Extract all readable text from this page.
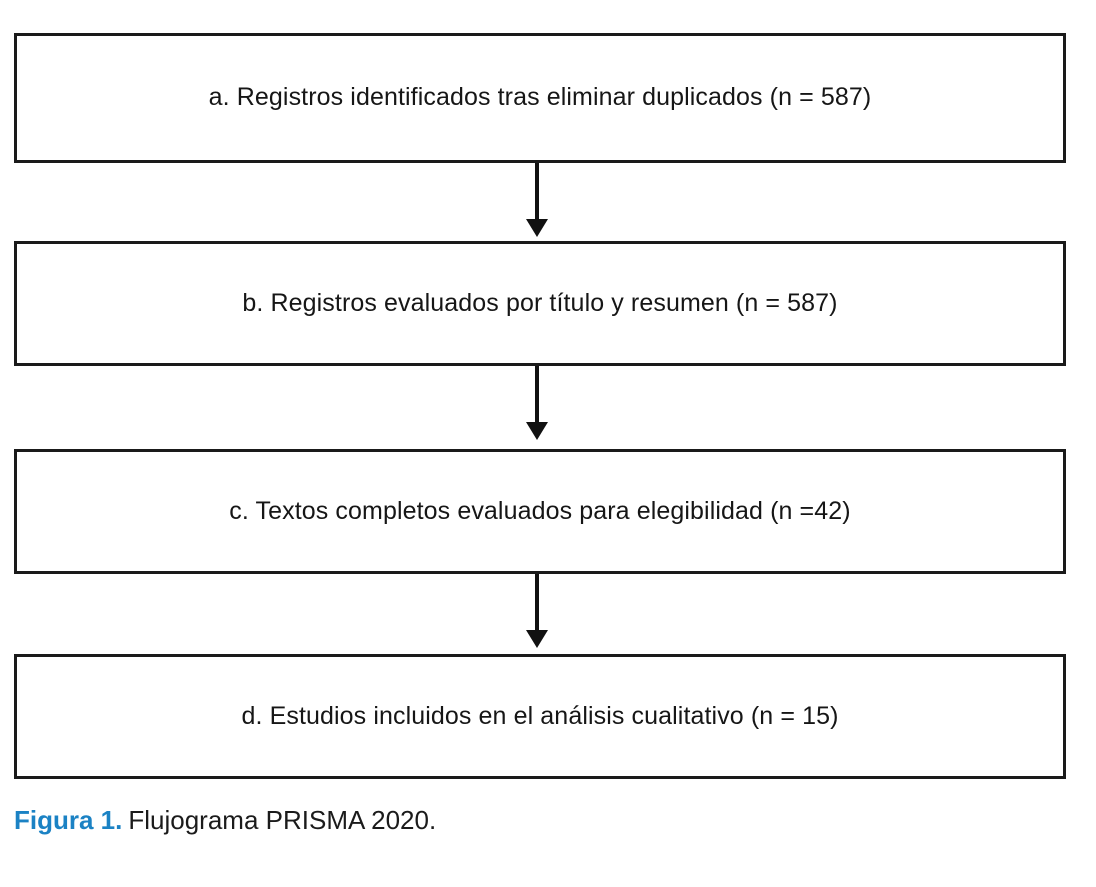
a. Registros identificados tras eliminar duplicados (n = 587)
b. Registros evaluados por título y resumen (n = 587)
c. Textos completos evaluados para elegibilidad (n =42)
d. Estudios incluidos en el análisis cualitativo (n = 15)
Figura 1. Flujograma PRISMA 2020.
